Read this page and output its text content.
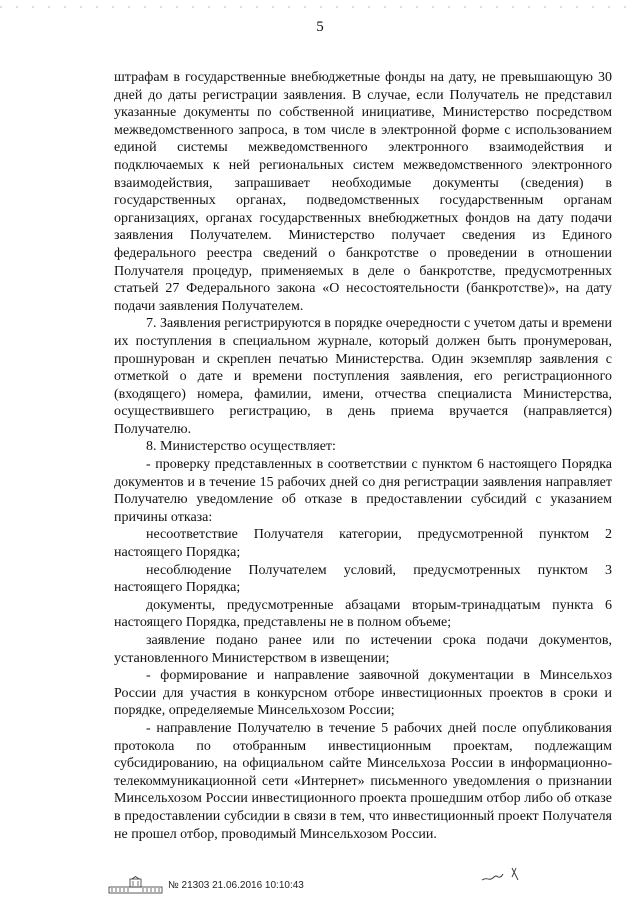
5

штрафам в государственные внебюджетные фонды на дату, не превышающую 30 дней до даты регистрации заявления. В случае, если Получатель не представил указанные документы по собственной инициативе, Министерство посредством межведомственного запроса, в том числе в электронной форме с использованием единой системы межведомственного электронного взаимодействия и подключаемых к ней региональных систем межведомственного электронного взаимодействия, запрашивает необходимые документы (сведения) в государственных органах, подведомственных государственным органам организациях, органах государственных внебюджетных фондов на дату подачи заявления Получателем. Министерство получает сведения из Единого федерального реестра сведений о банкротстве о проведении в отношении Получателя процедур, применяемых в деле о банкротстве, предусмотренных статьей 27 Федерального закона «О несостоятельности (банкротстве)», на дату подачи заявления Получателем.

7. Заявления регистрируются в порядке очередности с учетом даты и времени их поступления в специальном журнале, который должен быть пронумерован, прошнурован и скреплен печатью Министерства. Один экземпляр заявления с отметкой о дате и времени поступления заявления, его регистрационного (входящего) номера, фамилии, имени, отчества специалиста Министерства, осуществившего регистрацию, в день приема вручается (направляется) Получателю.

8. Министерство осуществляет:

- проверку представленных в соответствии с пунктом 6 настоящего Порядка документов и в течение 15 рабочих дней со дня регистрации заявления направляет Получателю уведомление об отказе в предоставлении субсидий с указанием причины отказа:

несоответствие Получателя категории, предусмотренной пунктом 2 настоящего Порядка;

несоблюдение Получателем условий, предусмотренных пунктом 3 настоящего Порядка;

документы, предусмотренные абзацами вторым-тринадцатым пункта 6 настоящего Порядка, представлены не в полном объеме;

заявление подано ранее или по истечении срока подачи документов, установленного Министерством в извещении;

- формирование и направление заявочной документации в Минсельхоз России для участия в конкурсном отборе инвестиционных проектов в сроки и порядке, определяемые Минсельхозом России;

- направление Получателю в течение 5 рабочих дней после опубликования протокола по отобранным инвестиционным проектам, подлежащим субсидированию, на официальном сайте Минсельхоза России в информационно-телекоммуникационной сети «Интернет» письменного уведомления о признании Минсельхозом России инвестиционного проекта прошедшим отбор либо об отказе в предоставлении субсидии в связи в тем, что инвестиционный проект Получателя не прошел отбор, проводимый Минсельхозом России.

№ 21303 21.06.2016 10:10:43
